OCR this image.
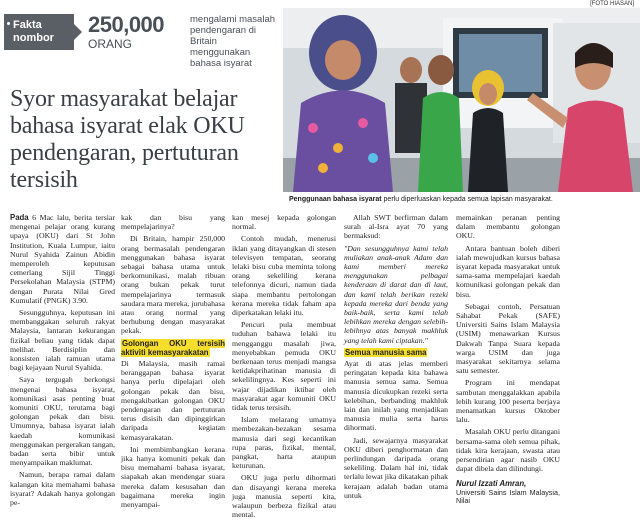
Fakta
nombor
250,000
ORANG
mengalami masalah pendengaran di Britain menggunakan bahasa isyarat
Syor masyarakat belajar bahasa isyarat elak OKU pendengaran, pertuturan tersisih
[FOTO HIASAN]
Penggunaan bahasa isyarat perlu diperluaskan kepada semua lapisan masyarakat.

Pada 6 Mac lalu, berita tersiar mengenai pelajar orang kurang upaya (OKU) dari St John Institution, Kuala Lumpur, iaitu Nurul Syahida Zainun Abidin memperoleh keputusan cemerlang Sijil Tinggi Persekolahan Malaysia (STPM) dengan Purata Nilai Gred Kumulatif (PNGK) 3.90.

Sesungguhnya, keputusan ini membanggakan seluruh rakyat Malaysia, lantaran kekurangan fizikal beliau yang tidak dapat melihat. Berdisiplin dan konsisten ialah ramuan utama bagi kejayaan Nurul Syahida.

Saya tergugah berkongsi mengenai bahasa isyarat, komunikasi asas penting buat komuniti OKU, terutama bagi golongan pekak dan bisu. Umumnya, bahasa isyarat ialah kaedah komunikasi menggunakan pergerakan tangan, badan serta bibir untuk menyampaikan maklumat.

Namun, berapa ramai dalam kalangan kita memahami bahasa isyarat? Adakah hanya golongan pe-

kak dan bisu yang mempelajarinya?

Di Britain, hampir 250,000 orang bermasalah pendengaran menggunakan bahasa isyarat sebagai bahasa utama untuk berkomunikasi, malah ribuan orang bukan pekak turut mempelajarinya termasuk saudara mara mereka, jurubahasa atau orang normal yang berhubung dengan masyarakat pekak.

Golongan OKU tersisih aktiviti kemasyarakatan

Di Malaysia, masih ramai beranggapan bahasa isyarat hanya perlu dipelajari oleh golongan pekak dan bisu, mengakibatkan golongan OKU pendengaran dan pertuturan terus disisih dan dipinggirkan daripada kegiatan kemasyarakatan.

Ini membimbangkan kerana jika hanya komuniti pekak dan bisu memahami bahasa isyarat, siapakah akan mendengar suara mereka dalam kesusahan dan bagaimana mereka ingin menyampai-

kan mesej kepada golongan normal.

Contoh mudah, menerusi iklan yang ditayangkan di stesen televisyen tempatan, seorang lelaki bisu cuba meminta tolong orang sekeliling kerana telefonnya dicuri, namun tiada siapa membantu pertolongan kerana mereka tidak faham apa diperkatakan lelaki itu.

Pencuri pula membuat tuduhan bahawa lelaki itu mengganggu masalah jiwa, menyebabkan pemuda OKU berkenaan terus menjadi mangsa ketidakprihatinan manusia di sekelilingnya. Kes seperti ini wajar dijadikan iktibar oleh masyarakat agar komuniti OKU tidak terus tersisih.

Islam melarang umatnya membezakan-bezakan sesama manusia dari segi kecantikan rupa paras, fizikal, mental, pangkat, harta ataupun keturunan.

OKU juga perlu dihormati dan disayangi kerana mereka juga manusia seperti kita, walaupun berbeza fizikal atau mental.

Allah SWT berfirman dalam surah al-Isra ayat 70 yang bermaksud:

"Dan sesungguhnya kami telah muliakan anak-anak Adam dan kami memberi mereka menggunakan pelbagai kenderaan di darat dan di laut, dan kami telah berikan rezeki kepada mereka dari benda yang baik-baik, serta kami telah lebihkan mereka dengan selebih-lebihnya atas banyak makhluk yang telah kami ciptakan."

Semua manusia sama

Ayat di atas jelas memberi peringatan kepada kita bahawa manusia semua sama. Semua manusia dicukupkan rezeki serta kelebihan, berbanding makhluk lain dan inilah yang menjadikan manusia mulia serta harus dihormati.

Jadi, sewajarnya masyarakat OKU diberi penghormatan dan perlindungan daripada orang sekeliling. Dalam hal ini, tidak terlalu lewat jika dikatakan pihak kerajaan adalah badan utama untuk

memainkan peranan penting dalam membantu golongan OKU.

Antara bantuan boleh diberi ialah mewujudkan kursus bahasa isyarat kepada masyarakat untuk sama-sama mempelajari kaedah komunikasi golongan pekak dan bisu.

Sebagai contoh, Persatuan Sahabat Pekak (SAFE) Universiti Sains Islam Malaysia (USIM) menawarkan Kursus Dakwah Tanpa Suara kepada warga USIM dan juga masyarakat sekitarnya selama satu semester.

Program ini mendapat sambutan menggalakkan apabila lebih kurang 100 peserta berjaya menamatkan kursus Oktober lalu.

Masalah OKU perlu ditangani bersama-sama oleh semua pihak, tidak kira kerajaan, swasta atau persendirian agar nasib OKU dapat dibela dan dilindungi.

Nurul Izzati Amran,
Universiti Sains Islam Malaysia, Nilai
